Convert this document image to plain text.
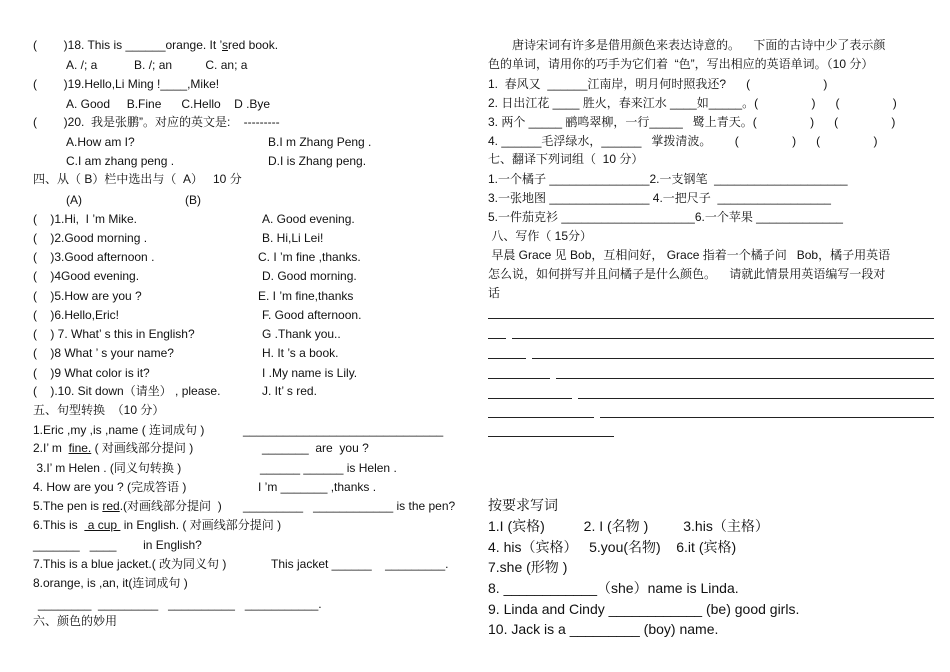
(        )18. This is ______orange. It ’sred book.
A. /; a           B. /; an          C. an; a
(        )19.Hello,Li Ming !____,Mike!
A. Good     B.Fine      C.Hello    D .Bye
(        )20.  我是张鹏”。对应的英文是:    ---------
A.How am I?	B.I m Zhang Peng .
C.I am zhang peng .	D.I is Zhang peng.
四、从（ B）栏中选出与（  A）   10 分
(A)	(B)
(    )1.Hi,  I ’m Mike.	A. Good evening.
(    )2.Good morning .	B. Hi,Li Lei!
(    )3.Good afternoon .	C. I ’m fine ,thanks.
(    )4Good evening.	D. Good morning.
(    )5.How are you ?	E. I ’m fine,thanks
(    )6.Hello,Eric!	F. Good afternoon.
(    ) 7. What’ s this in English?	G .Thank you..
(    )8 What ’ s your name?	H. It ’s a book.
(    )9 What color is it?	I .My name is Lily.
(    ).10. Sit down（请坐） , please.	J. It’ s red.
五、句型转换  （10 分）
1.Eric ,my ,is ,name ( 连词成句 )	______________________________
2.I’ m  fine. ( 对画线部分提问 )	_______  are  you ?
3.I’ m Helen . (同义句转换 )	______ ______ is Helen .
4. How are you ? (完成答语 )	I ’m _______ ,thanks .
5.The pen is red.(对画线部分提问  ) _________   ____________ is the pen?
6.This is   a cup  in English. ( 对画线部分提问 )
_______   ____        in English?
7.This is a blue jacket.( 改为同义句 )	This jacket ______    _________.
8.orange, is ,an, it(连词成句 )
________  _________   __________   ___________.
六、颜色的妙用
唐诗宋词有许多是借用颜色来表达诗意的。    下面的古诗中少了表示颜
色的单词，请用你的巧手为它们着  “色”，写出相应的英语单词。（10 分）
1.  春风又  ______江南岸，明月何时照我还?      (                      )
2. 日出江花 ____ 胜火，春来江水 ____如_____。(                )      (                )
3. 两个 _____ 鹂鸣翠柳，一行_____   鹭上青天。(                )      (                )
4. ______毛浮绿水，______   掌拨清波。       (                )      (                )
七、翻译下列词组（  10 分）
1.一个橘子 _______________2.一支钢笔  ____________________
3.一张地图 _______________ 4.一把尺子  _________________
5.一件茄克衫 ____________________6.一个苹果 _____________
八、写作（ 15分）
早晨 Grace 见 Bob，互相问好， Grace 指着一个橘子问   Bob，橘子用英语
怎么说，如何拼写并且问橘子是什么颜色。    请就此情景用英语编写一段对
话
按要求写词
1.I (宾格)          2. I (名物 )         3.his（主格）
4. his（宾格）   5.you(名物)    6.it (宾格)
7.she (形物 )
8. ____________（she）name is Linda.
9. Linda and Cindy ____________ (be) good girls.
10. Jack is a _________ (boy) name.
